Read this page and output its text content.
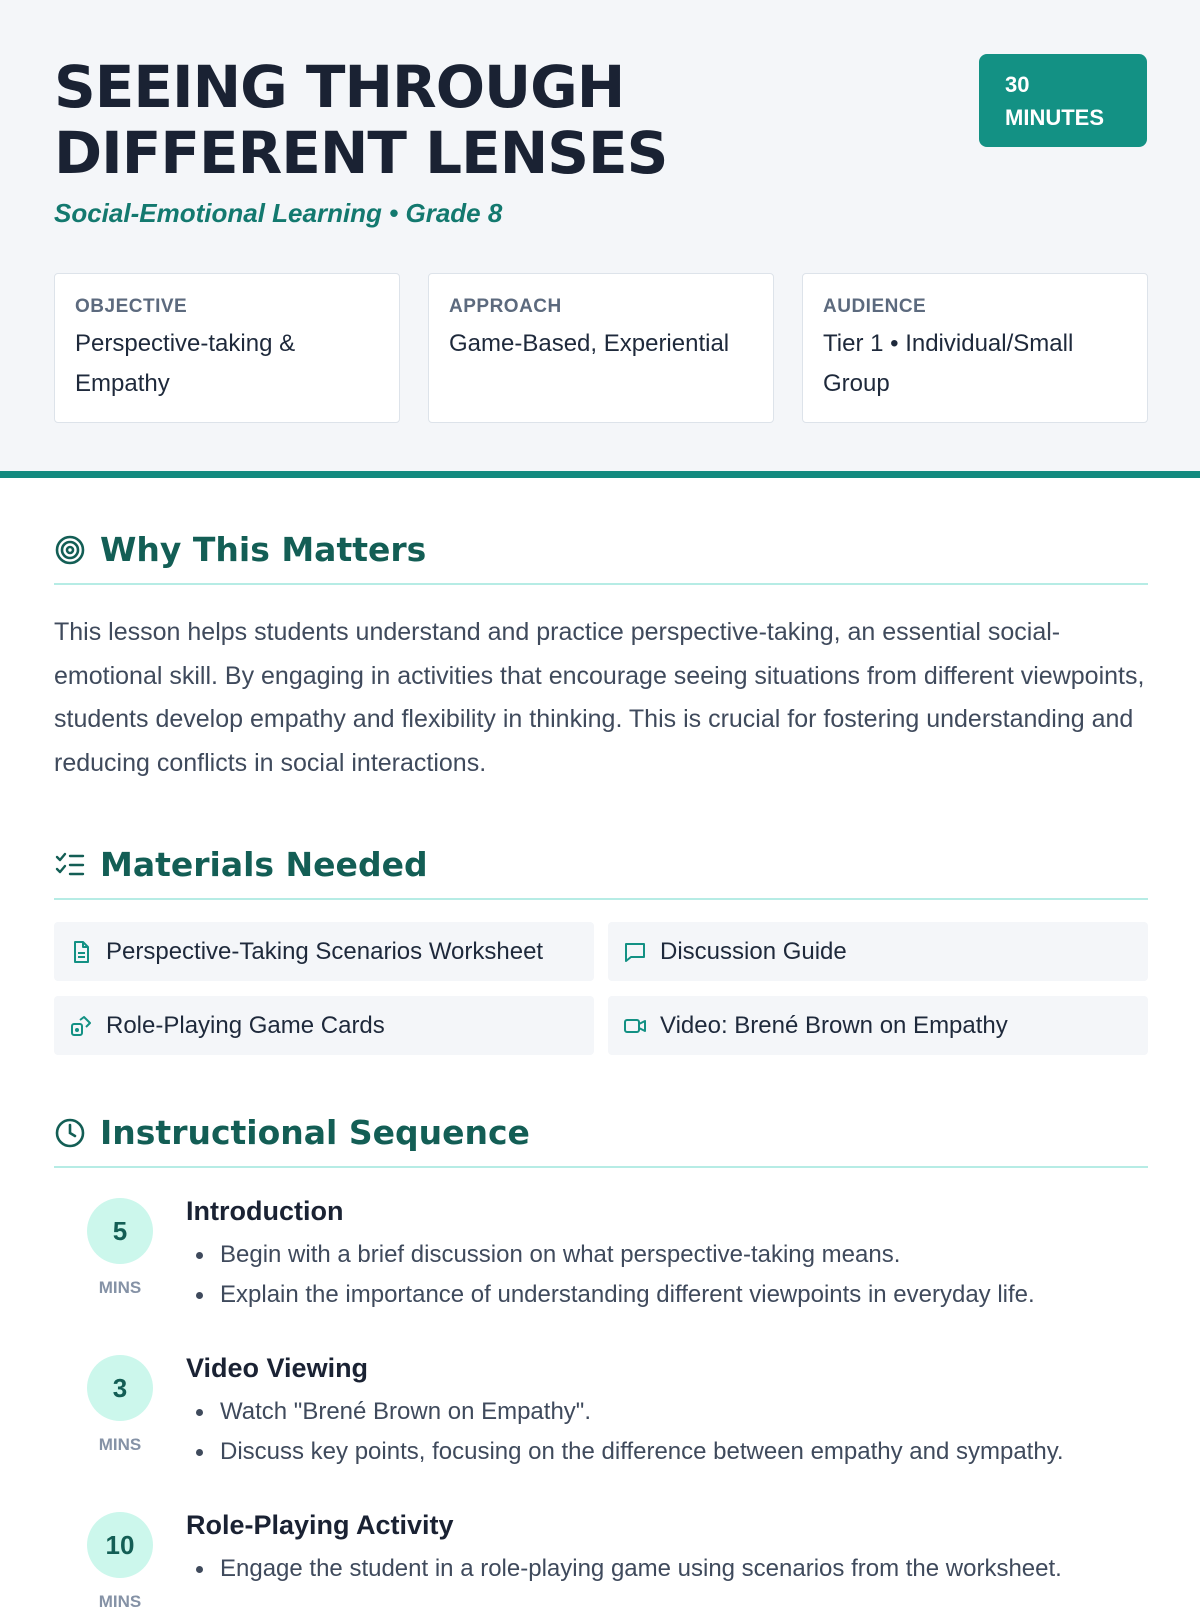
SEEING THROUGH DIFFERENT LENSES
30 MINUTES
Social-Emotional Learning • Grade 8
OBJECTIVE
Perspective-taking & Empathy
APPROACH
Game-Based, Experiential
AUDIENCE
Tier 1 • Individual/Small Group
Why This Matters

This lesson helps students understand and practice perspective-taking, an essential social-emotional skill. By engaging in activities that encourage seeing situations from different viewpoints, students develop empathy and flexibility in thinking. This is crucial for fostering understanding and reducing conflicts in social interactions.

Materials Needed
Perspective-Taking Scenarios Worksheet	Discussion Guide
Role-Playing Game Cards	Video: Brené Brown on Empathy
Instructional Sequence
5
MINS
Introduction
Begin with a brief discussion on what perspective-taking means.
Explain the importance of understanding different viewpoints in everyday life.
3
MINS
Video Viewing
Watch "Brené Brown on Empathy".
Discuss key points, focusing on the difference between empathy and sympathy.
10
MINS
Role-Playing Activity
Engage the student in a role-playing game using scenarios from the worksheet.
